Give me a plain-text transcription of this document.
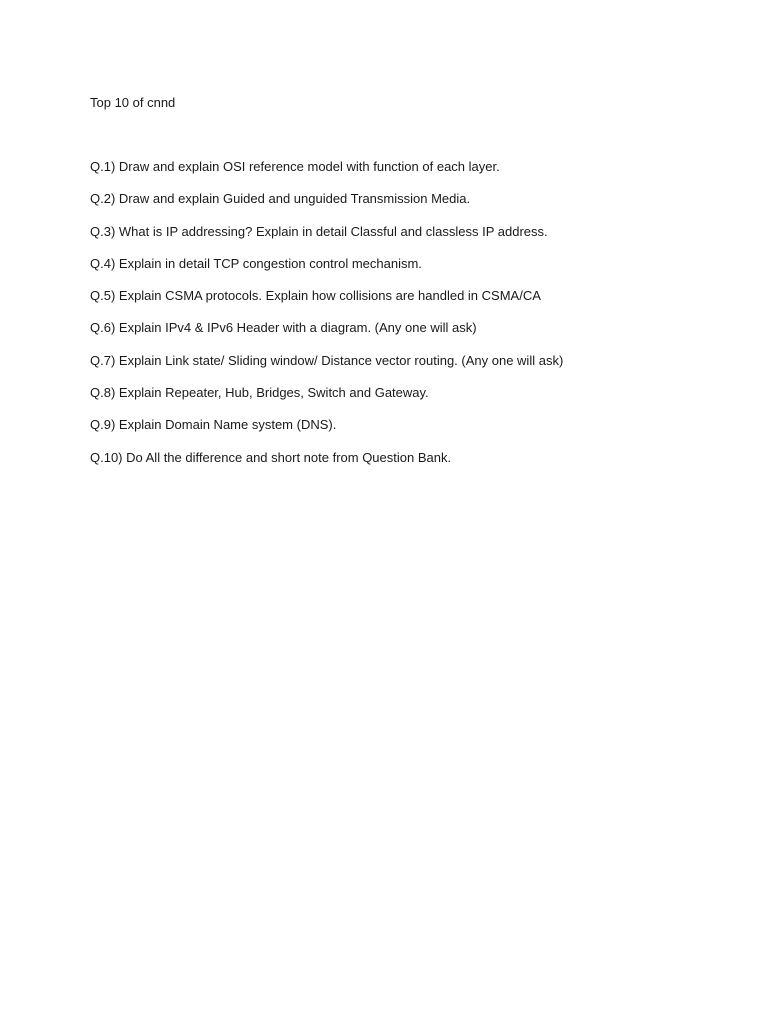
Top 10 of cnnd
Q.1) Draw and explain OSI reference model with function of each layer.
Q.2) Draw and explain Guided and unguided Transmission Media.
Q.3) What is IP addressing? Explain in detail Classful and classless IP address.
Q.4) Explain in detail TCP congestion control mechanism.
Q.5) Explain CSMA protocols. Explain how collisions are handled in CSMA/CA
Q.6) Explain IPv4 & IPv6 Header with a diagram. (Any one will ask)
Q.7) Explain Link state/ Sliding window/ Distance vector routing. (Any one will ask)
Q.8) Explain Repeater, Hub, Bridges, Switch and Gateway.
Q.9) Explain Domain Name system (DNS).
Q.10) Do All the difference and short note from Question Bank.
